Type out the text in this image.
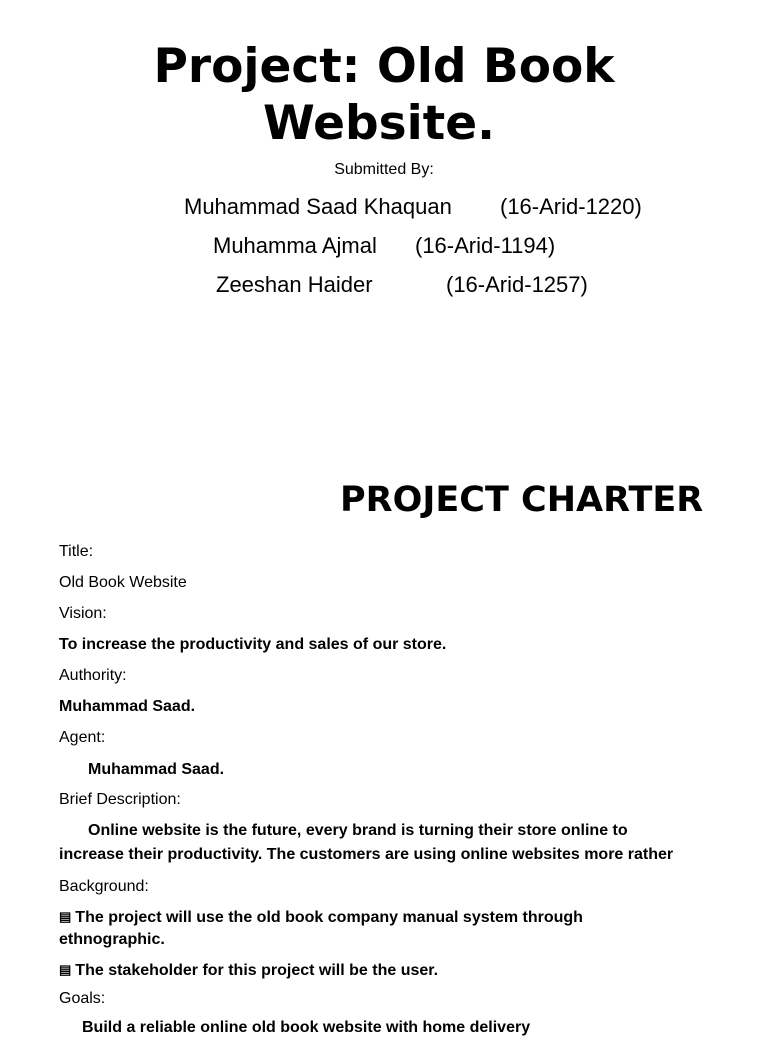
Project: Old Book
Website.
Submitted By:
Muhammad Saad Khaquan (16-Arid-1220)
Muhamma Ajmal (16-Arid-1194)
Zeeshan Haider	(16-Arid-1257)
PROJECT CHARTER
Title:
Old Book Website
Vision:
To increase the productivity and sales of our store.
Authority:
Muhammad Saad.
Agent:
Muhammad Saad.
Brief Description:
Online website is the future, every brand is turning their store online to
increase their productivity. The customers are using online websites more rather
Background:
▤ The project will use the old book company manual system through
ethnographic.
▤ The stakeholder for this project will be the user.
Goals:
Build a reliable online old book website with home delivery
